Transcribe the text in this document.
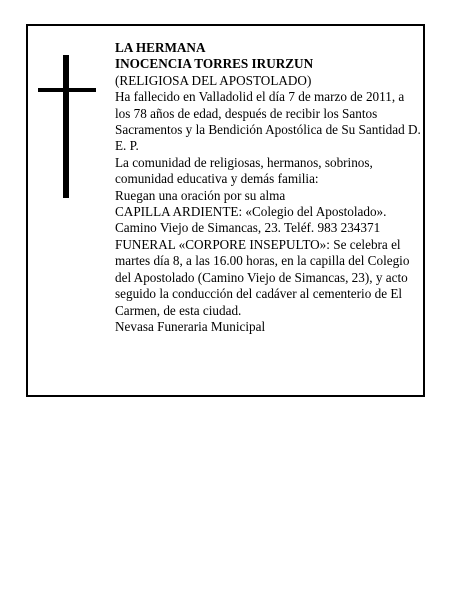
LA HERMANA

INOCENCIA TORRES IRURZUN

(RELIGIOSA DEL APOSTOLADO)

Ha fallecido en Valladolid el día 7 de marzo de 2011, a los 78 años de edad, después de recibir los Santos Sacramentos y la Bendición Apostólica de Su Santidad D. E. P.

La comunidad de religiosas, hermanos, sobrinos, comunidad educativa y demás familia:

Ruegan una oración por su alma

CAPILLA ARDIENTE: «Colegio del Apostolado». Camino Viejo de Simancas, 23. Teléf. 983 234371

FUNERAL «CORPORE INSEPULTO»: Se celebra el martes día 8, a las 16.00 horas, en la capilla del Colegio del Apostolado (Camino Viejo de Simancas, 23), y acto seguido la conducción del cadáver al cementerio de El Carmen, de esta ciudad.

Nevasa Funeraria Municipal
